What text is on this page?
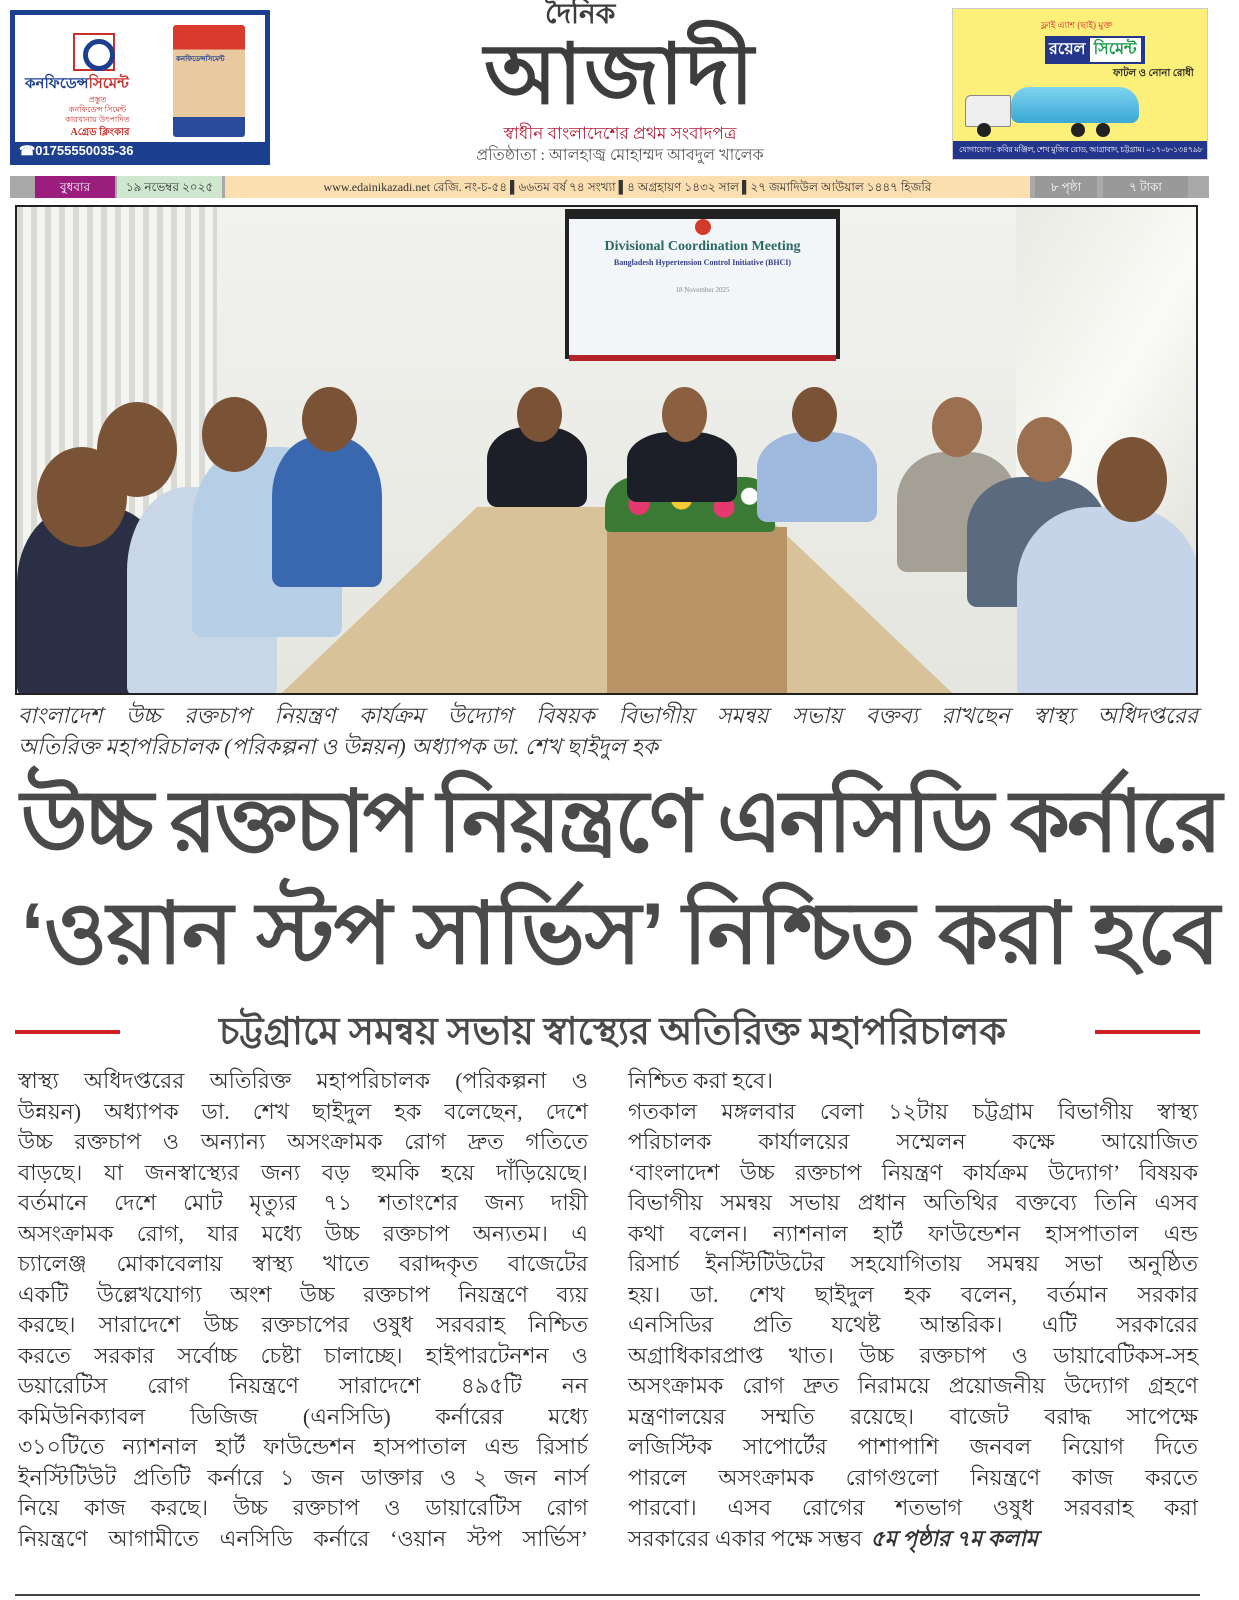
কনফিডেন্সসিমেন্ট
প্রস্তুত
কনফিডেন্স সিমেন্ট
কারখানায় উৎপাদিত
Aগ্রেড ক্লিংকার
কনফিডেন্সসিমেন্ট
☎01755550035-36
দৈনিক
আজাদী
স্বাধীন বাংলাদেশের প্রথম সংবাদপত্র
প্রতিষ্ঠাতা : আলহাজ্ব মোহাম্মদ আবদুল খালেক
ফ্লাই এ্যাশ (ছাই) মুক্ত
রয়েল সিমেন্ট
ফাটল ও নোনা রোধী
যোগাযোগ : কবির মঞ্জিল, শেখ মুজিব রোড, আগ্রাবাদ, চট্টগ্রাম। ০১৭০৮-১৩৪৭৯৮
বুধবার	১৯ নভেম্বর ২০২৫	www.edainikazadi.net রেজি. নং-চ-৫৪ ▌৬৬তম বর্ষ ৭৪ সংখ্যা ▌৪ অগ্রহায়ণ ১৪৩২ সাল ▌২৭ জমাদিউল আউয়াল ১৪৪৭ হিজরি	৮ পৃষ্ঠা	৭ টাকা
Divisional Coordination Meeting
Bangladesh Hypertension Control Initiative (BHCI)
18 November 2025
বাংলাদেশ উচ্চ রক্তচাপ নিয়ন্ত্রণ কার্যক্রম উদ্যোগ বিষয়ক বিভাগীয় সমন্বয় সভায় বক্তব্য রাখছেন স্বাস্থ্য অধিদপ্তরের
অতিরিক্ত মহাপরিচালক (পরিকল্পনা ও উন্নয়ন) অধ্যাপক ডা. শেখ ছাইদুল হক
উচ্চ রক্তচাপ নিয়ন্ত্রণে এনসিডি কর্নারে
‘ওয়ান স্টপ সার্ভিস’ নিশ্চিত করা হবে
চট্টগ্রামে সমন্বয় সভায় স্বাস্থ্যের অতিরিক্ত মহাপরিচালক
স্বাস্থ্য অধিদপ্তরের অতিরিক্ত মহাপরিচালক (পরিকল্পনা ও
উন্নয়ন) অধ্যাপক ডা. শেখ ছাইদুল হক বলেছেন, দেশে
উচ্চ রক্তচাপ ও অন্যান্য অসংক্রামক রোগ দ্রুত গতিতে
বাড়ছে। যা জনস্বাস্থ্যের জন্য বড় হুমকি হয়ে দাঁড়িয়েছে।
বর্তমানে দেশে মোট মৃত্যুর ৭১ শতাংশের জন্য দায়ী
অসংক্রামক রোগ, যার মধ্যে উচ্চ রক্তচাপ অন্যতম। এ
চ্যালেঞ্জ মোকাবেলায় স্বাস্থ্য খাতে বরাদ্দকৃত বাজেটের
একটি উল্লেখযোগ্য অংশ উচ্চ রক্তচাপ নিয়ন্ত্রণে ব্যয়
করছে। সারাদেশে উচ্চ রক্তচাপের ওষুধ সরবরাহ নিশ্চিত
করতে সরকার সর্বোচ্চ চেষ্টা চালাচ্ছে। হাইপারটেনশন ও
ডয়ারেটিস রোগ নিয়ন্ত্রণে সারাদেশে ৪৯৫টি নন
কমিউনিক্যাবল ডিজিজ (এনসিডি) কর্নারের মধ্যে
৩১০টিতে ন্যাশনাল হার্ট ফাউন্ডেশন হাসপাতাল এন্ড রিসার্চ
ইনস্টিটিউট প্রতিটি কর্নারে ১ জন ডাক্তার ও ২ জন নার্স
নিয়ে কাজ করছে। উচ্চ রক্তচাপ ও ডায়ারেটিস রোগ
নিয়ন্ত্রণে আগামীতে এনসিডি কর্নারে ‘ওয়ান স্টপ সার্ভিস’
নিশ্চিত করা হবে।
গতকাল মঙ্গলবার বেলা ১২টায় চট্টগ্রাম বিভাগীয় স্বাস্থ্য
পরিচালক কার্যালয়ের সম্মেলন কক্ষে আয়োজিত
‘বাংলাদেশ উচ্চ রক্তচাপ নিয়ন্ত্রণ কার্যক্রম উদ্যোগ’ বিষয়ক
বিভাগীয় সমন্বয় সভায় প্রধান অতিথির বক্তব্যে তিনি এসব
কথা বলেন। ন্যাশনাল হার্ট ফাউন্ডেশন হাসপাতাল এন্ড
রিসার্চ ইনস্টিটিউটের সহযোগিতায় সমন্বয় সভা অনুষ্ঠিত
হয়। ডা. শেখ ছাইদুল হক বলেন, বর্তমান সরকার
এনসিডির প্রতি যথেষ্ট আন্তরিক। এটি সরকারের
অগ্রাধিকারপ্রাপ্ত খাত। উচ্চ রক্তচাপ ও ডায়াবেটিকস-সহ
অসংক্রামক রোগ দ্রুত নিরাময়ে প্রয়োজনীয় উদ্যোগ গ্রহণে
মন্ত্রণালয়ের সম্মতি রয়েছে। বাজেট বরাদ্ধ সাপেক্ষে
লজিস্টিক সাপোর্টের পাশাপাশি জনবল নিয়োগ দিতে
পারলে অসংক্রামক রোগগুলো নিয়ন্ত্রণে কাজ করতে
পারবো। এসব রোগের শতভাগ ওষুধ সরবরাহ করা
সরকারের একার পক্ষে সম্ভব ৫ম পৃষ্ঠার ৭ম কলাম
